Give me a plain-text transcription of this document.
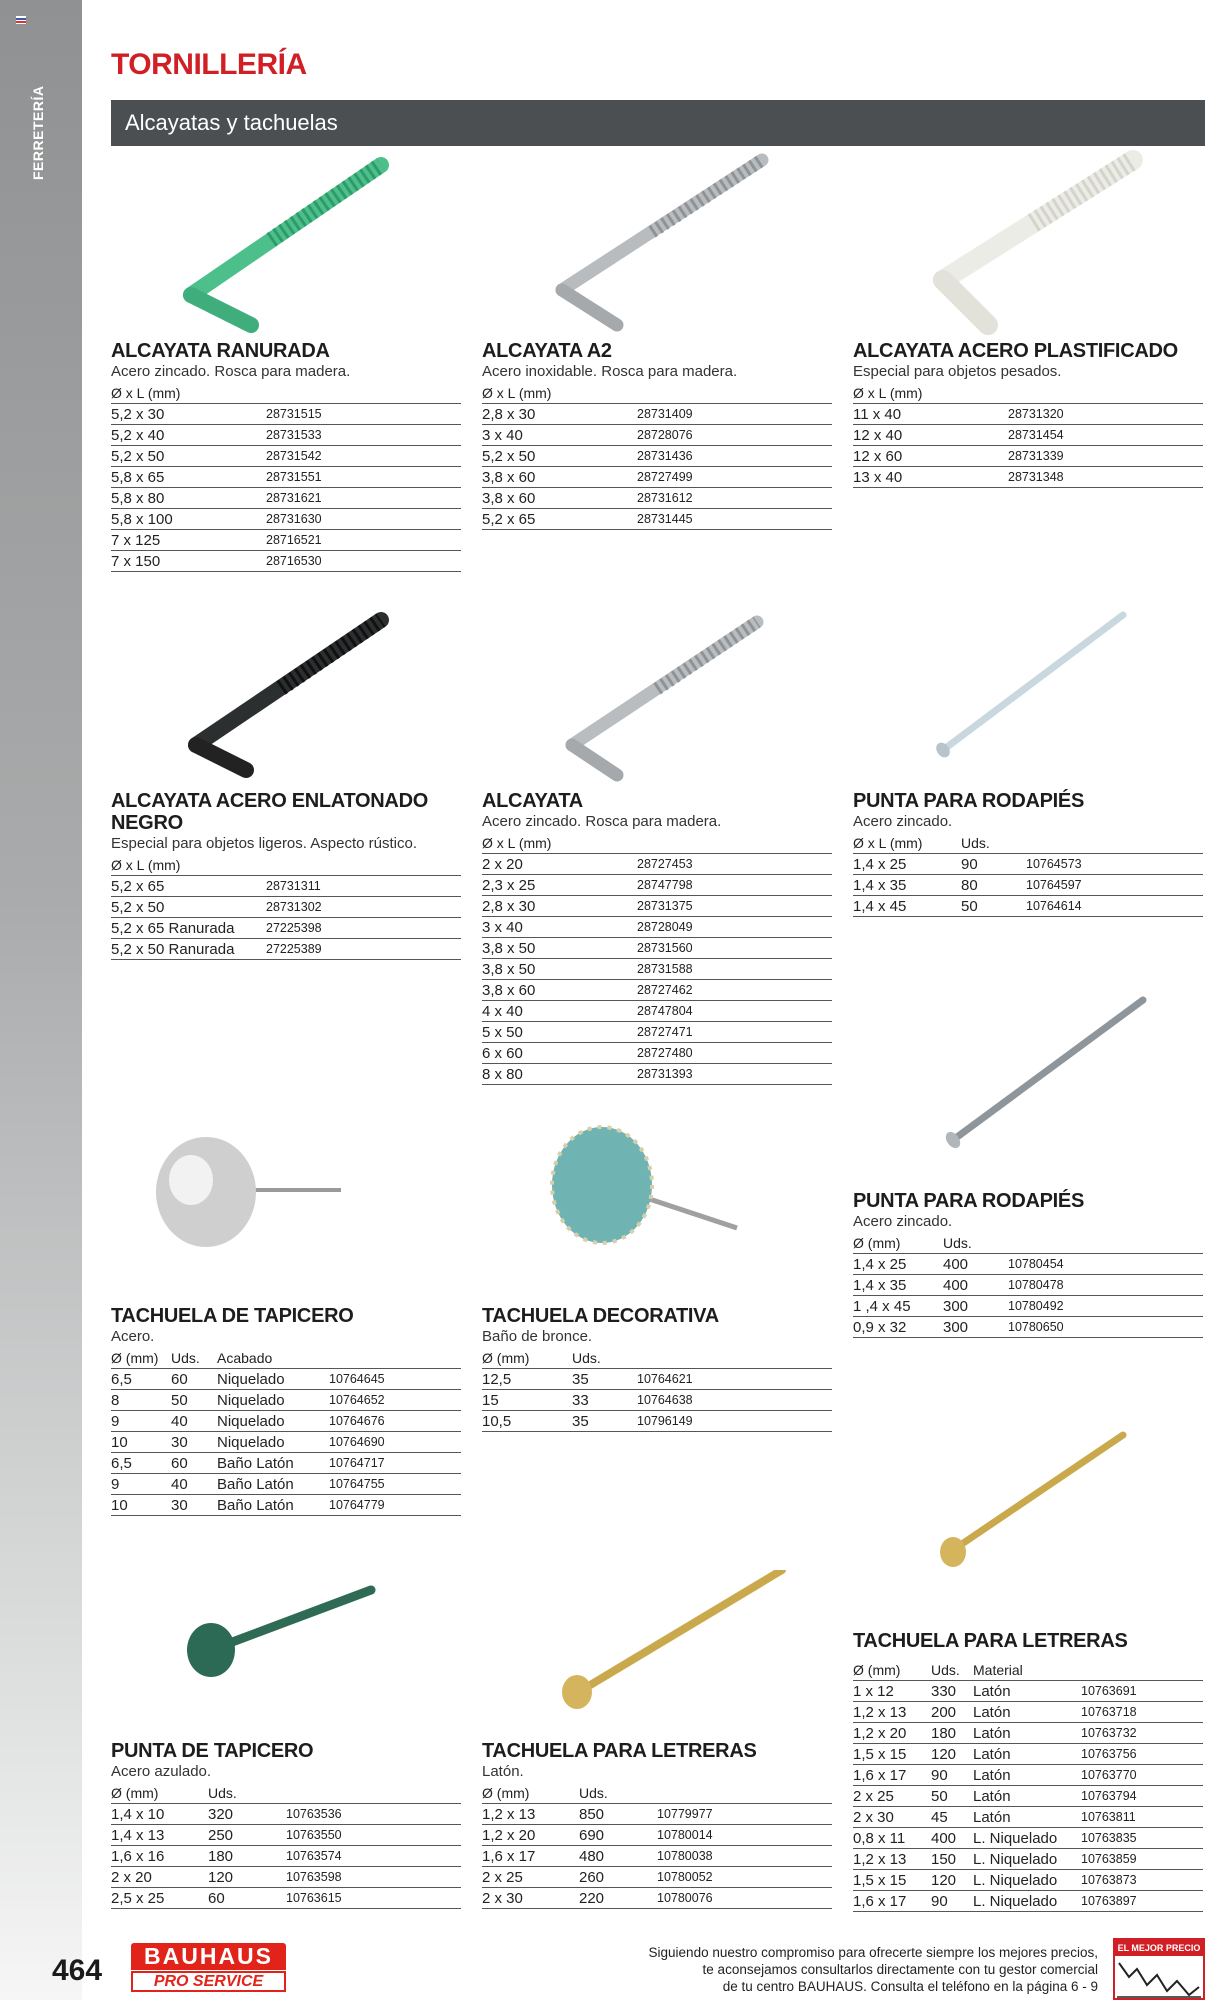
FERRETERÍA
TORNILLERÍA
Alcayatas y tachuelas
ALCAYATA RANURADA
Acero zincado. Rosca para madera.
Ø x L (mm)	
5,2 x 30	28731515
5,2 x 40	28731533
5,2 x 50	28731542
5,8 x 65	28731551
5,8 x 80	28731621
5,8 x 100	28731630
7 x 125	28716521
7 x 150	28716530
ALCAYATA A2
Acero inoxidable. Rosca para madera.
Ø x L (mm)	
2,8 x 30	28731409
3 x 40	28728076
5,2 x 50	28731436
3,8 x 60	28727499
3,8 x 60	28731612
5,2 x 65	28731445
ALCAYATA ACERO PLASTIFICADO
Especial para objetos pesados.
Ø x L (mm)	
11 x 40	28731320
12 x 40	28731454
12 x 60	28731339
13 x 40	28731348
ALCAYATA ACERO ENLATONADO NEGRO
Especial para objetos ligeros. Aspecto rústico.
Ø x L (mm)	
5,2 x 65	28731311
5,2 x 50	28731302
5,2 x 65 Ranurada	27225398
5,2 x 50 Ranurada	27225389
ALCAYATA
Acero zincado. Rosca para madera.
Ø x L (mm)	
2 x 20	28727453
2,3 x 25	28747798
2,8 x 30	28731375
3 x 40	28728049
3,8 x 50	28731560
3,8 x 50	28731588
3,8 x 60	28727462
4 x 40	28747804
5 x 50	28727471
6 x 60	28727480
8 x 80	28731393
PUNTA PARA RODAPIÉS
Acero zincado.
Ø x L (mm)	Uds.	
1,4 x 25	90	10764573
1,4 x 35	80	10764597
1,4 x 45	50	10764614
TACHUELA DE TAPICERO
Acero.
Ø (mm)	Uds.	Acabado	
6,5	60	Niquelado	10764645
8	50	Niquelado	10764652
9	40	Niquelado	10764676
10	30	Niquelado	10764690
6,5	60	Baño Latón	10764717
9	40	Baño Latón	10764755
10	30	Baño Latón	10764779
TACHUELA DECORATIVA
Baño de bronce.
Ø (mm)	Uds.	
12,5	35	10764621
15	33	10764638
10,5	35	10796149
PUNTA PARA RODAPIÉS
Acero zincado.
Ø (mm)	Uds.	
1,4 x 25	400	10780454
1,4 x 35	400	10780478
1 ,4 x 45	300	10780492
0,9 x 32	300	10780650
TACHUELA PARA LETRERAS
Ø (mm)	Uds.	Material	
1 x 12	330	Latón	10763691
1,2 x 13	200	Latón	10763718
1,2 x 20	180	Latón	10763732
1,5 x 15	120	Latón	10763756
1,6 x 17	90	Latón	10763770
2 x 25	50	Latón	10763794
2 x 30	45	Latón	10763811
0,8 x 11	400	L. Niquelado	10763835
1,2 x 13	150	L. Niquelado	10763859
1,5 x 15	120	L. Niquelado	10763873
1,6 x 17	90	L. Niquelado	10763897
PUNTA DE TAPICERO
Acero azulado.
Ø (mm)	Uds.	
1,4 x 10	320	10763536
1,4 x 13	250	10763550
1,6 x 16	180	10763574
2 x 20	120	10763598
2,5 x 25	60	10763615
TACHUELA PARA LETRERAS
Latón.
Ø (mm)	Uds.	
1,2 x 13	850	10779977
1,2 x 20	690	10780014
1,6 x 17	480	10780038
2 x 25	260	10780052
2 x 30	220	10780076
464	BAUHAUS
PRO SERVICE
Siguiendo nuestro compromiso para ofrecerte siempre los mejores precios,
te aconsejamos consultarlos directamente con tu gestor comercial
de tu centro BAUHAUS. Consulta el teléfono en la página 6 - 9
EL MEJOR PRECIO
